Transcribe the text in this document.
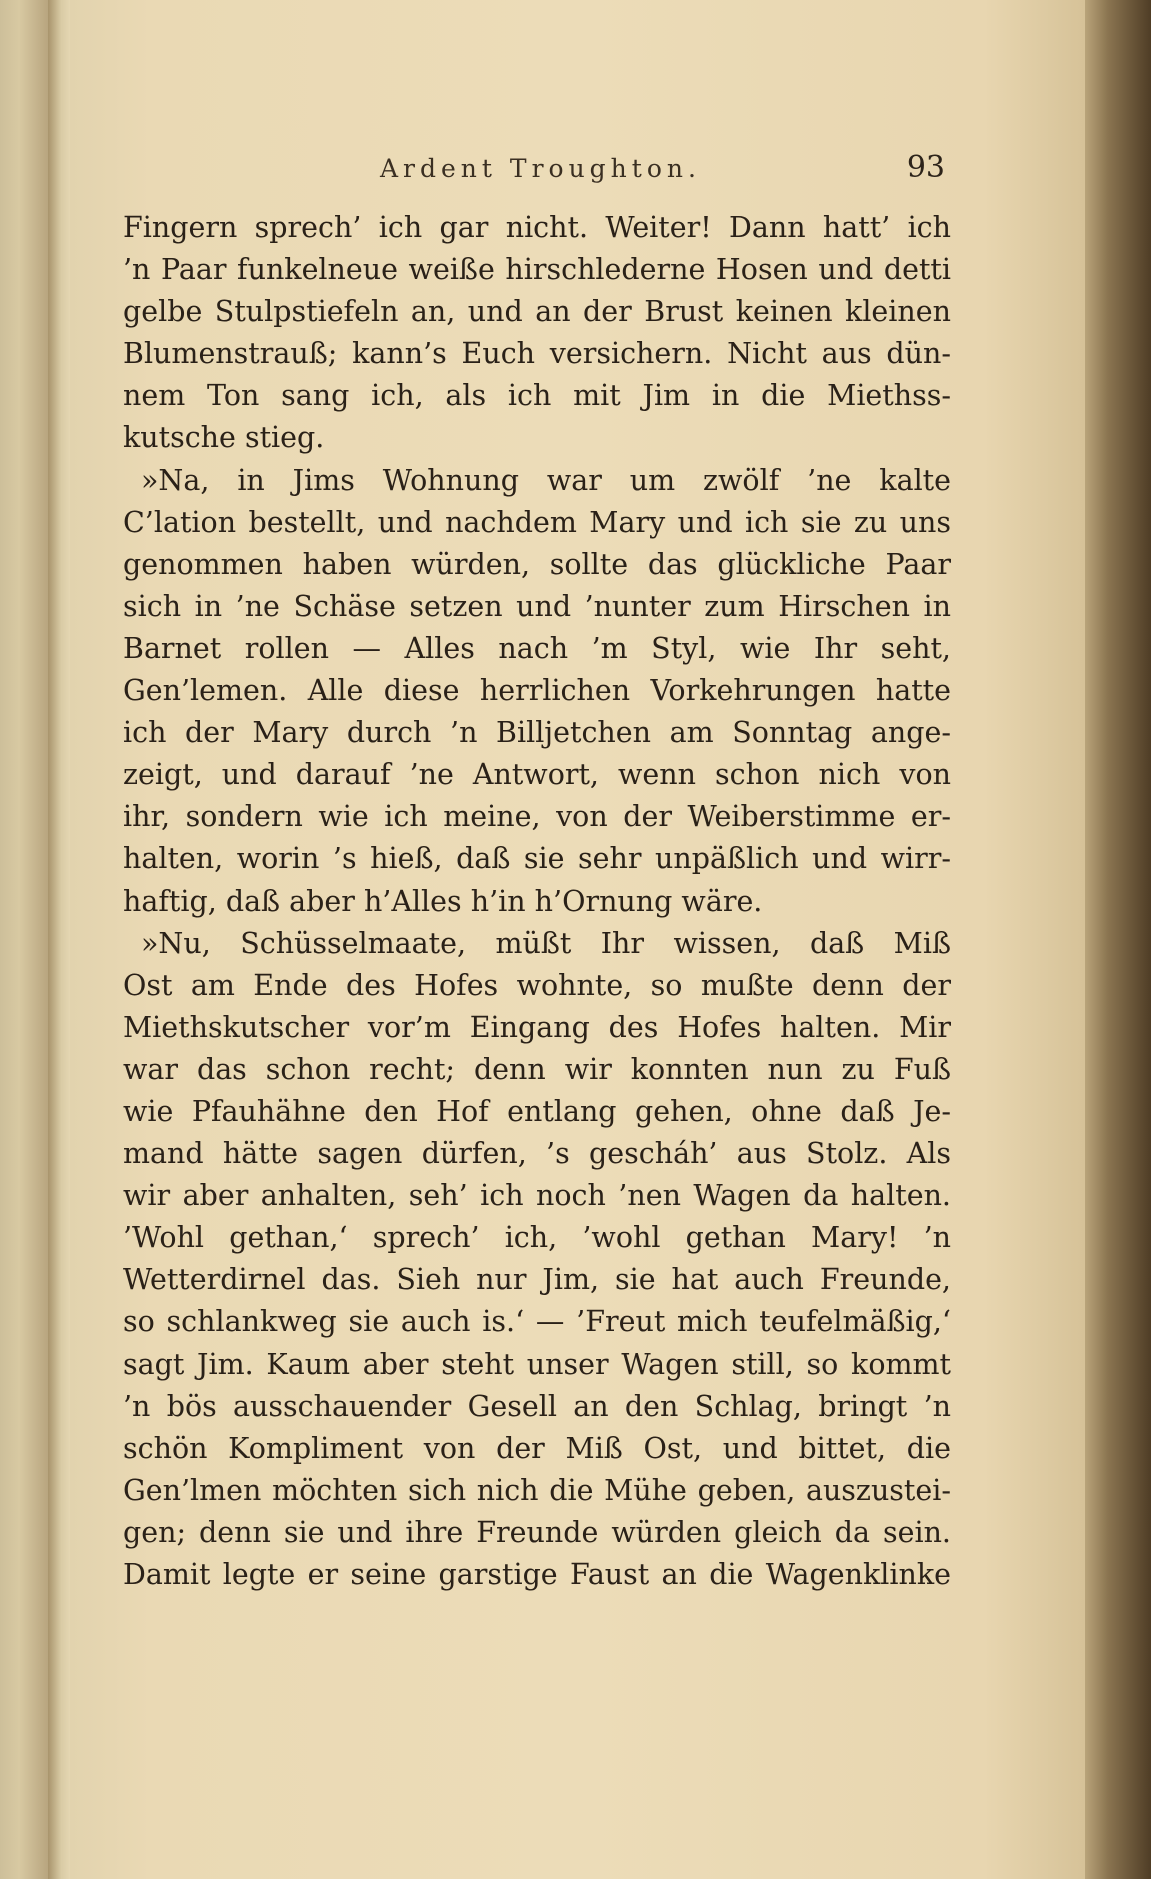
Ardent Troughton.	93
Fingern sprech’ ich gar nicht. Weiter! Dann hatt’ ich
’n Paar funkelneue weiße hirschlederne Hosen und detti
gelbe Stulpstiefeln an, und an der Brust keinen kleinen
Blumenstrauß; kann’s Euch versichern. Nicht aus dün-
nem Ton sang ich, als ich mit Jim in die Miethss-
kutsche stieg.
»Na, in Jims Wohnung war um zwölf ’ne kalte
C’lation bestellt, und nachdem Mary und ich sie zu uns
genommen haben würden, sollte das glückliche Paar
sich in ’ne Schäse setzen und ’nunter zum Hirschen in
Barnet rollen — Alles nach ’m Styl, wie Ihr seht,
Gen’lemen. Alle diese herrlichen Vorkehrungen hatte
ich der Mary durch ’n Billjetchen am Sonntag ange-
zeigt, und darauf ’ne Antwort, wenn schon nich von
ihr, sondern wie ich meine, von der Weiberstimme er-
halten, worin ’s hieß, daß sie sehr unpäßlich und wirr-
haftig, daß aber h’Alles h’in h’Ornung wäre.
»Nu, Schüsselmaate, müßt Ihr wissen, daß Miß
Ost am Ende des Hofes wohnte, so mußte denn der
Miethskutscher vor’m Eingang des Hofes halten. Mir
war das schon recht; denn wir konnten nun zu Fuß
wie Pfauhähne den Hof entlang gehen, ohne daß Je-
mand hätte sagen dürfen, ’s gescháh’ aus Stolz. Als
wir aber anhalten, seh’ ich noch ’nen Wagen da halten.
’Wohl gethan,‘ sprech’ ich, ’wohl gethan Mary! ’n
Wetterdirnel das. Sieh nur Jim, sie hat auch Freunde,
so schlankweg sie auch is.‘ — ’Freut mich teufelmäßig,‘
sagt Jim. Kaum aber steht unser Wagen still, so kommt
’n bös ausschauender Gesell an den Schlag, bringt ’n
schön Kompliment von der Miß Ost, und bittet, die
Gen’lmen möchten sich nich die Mühe geben, auszustei-
gen; denn sie und ihre Freunde würden gleich da sein.
Damit legte er seine garstige Faust an die Wagenklinke
